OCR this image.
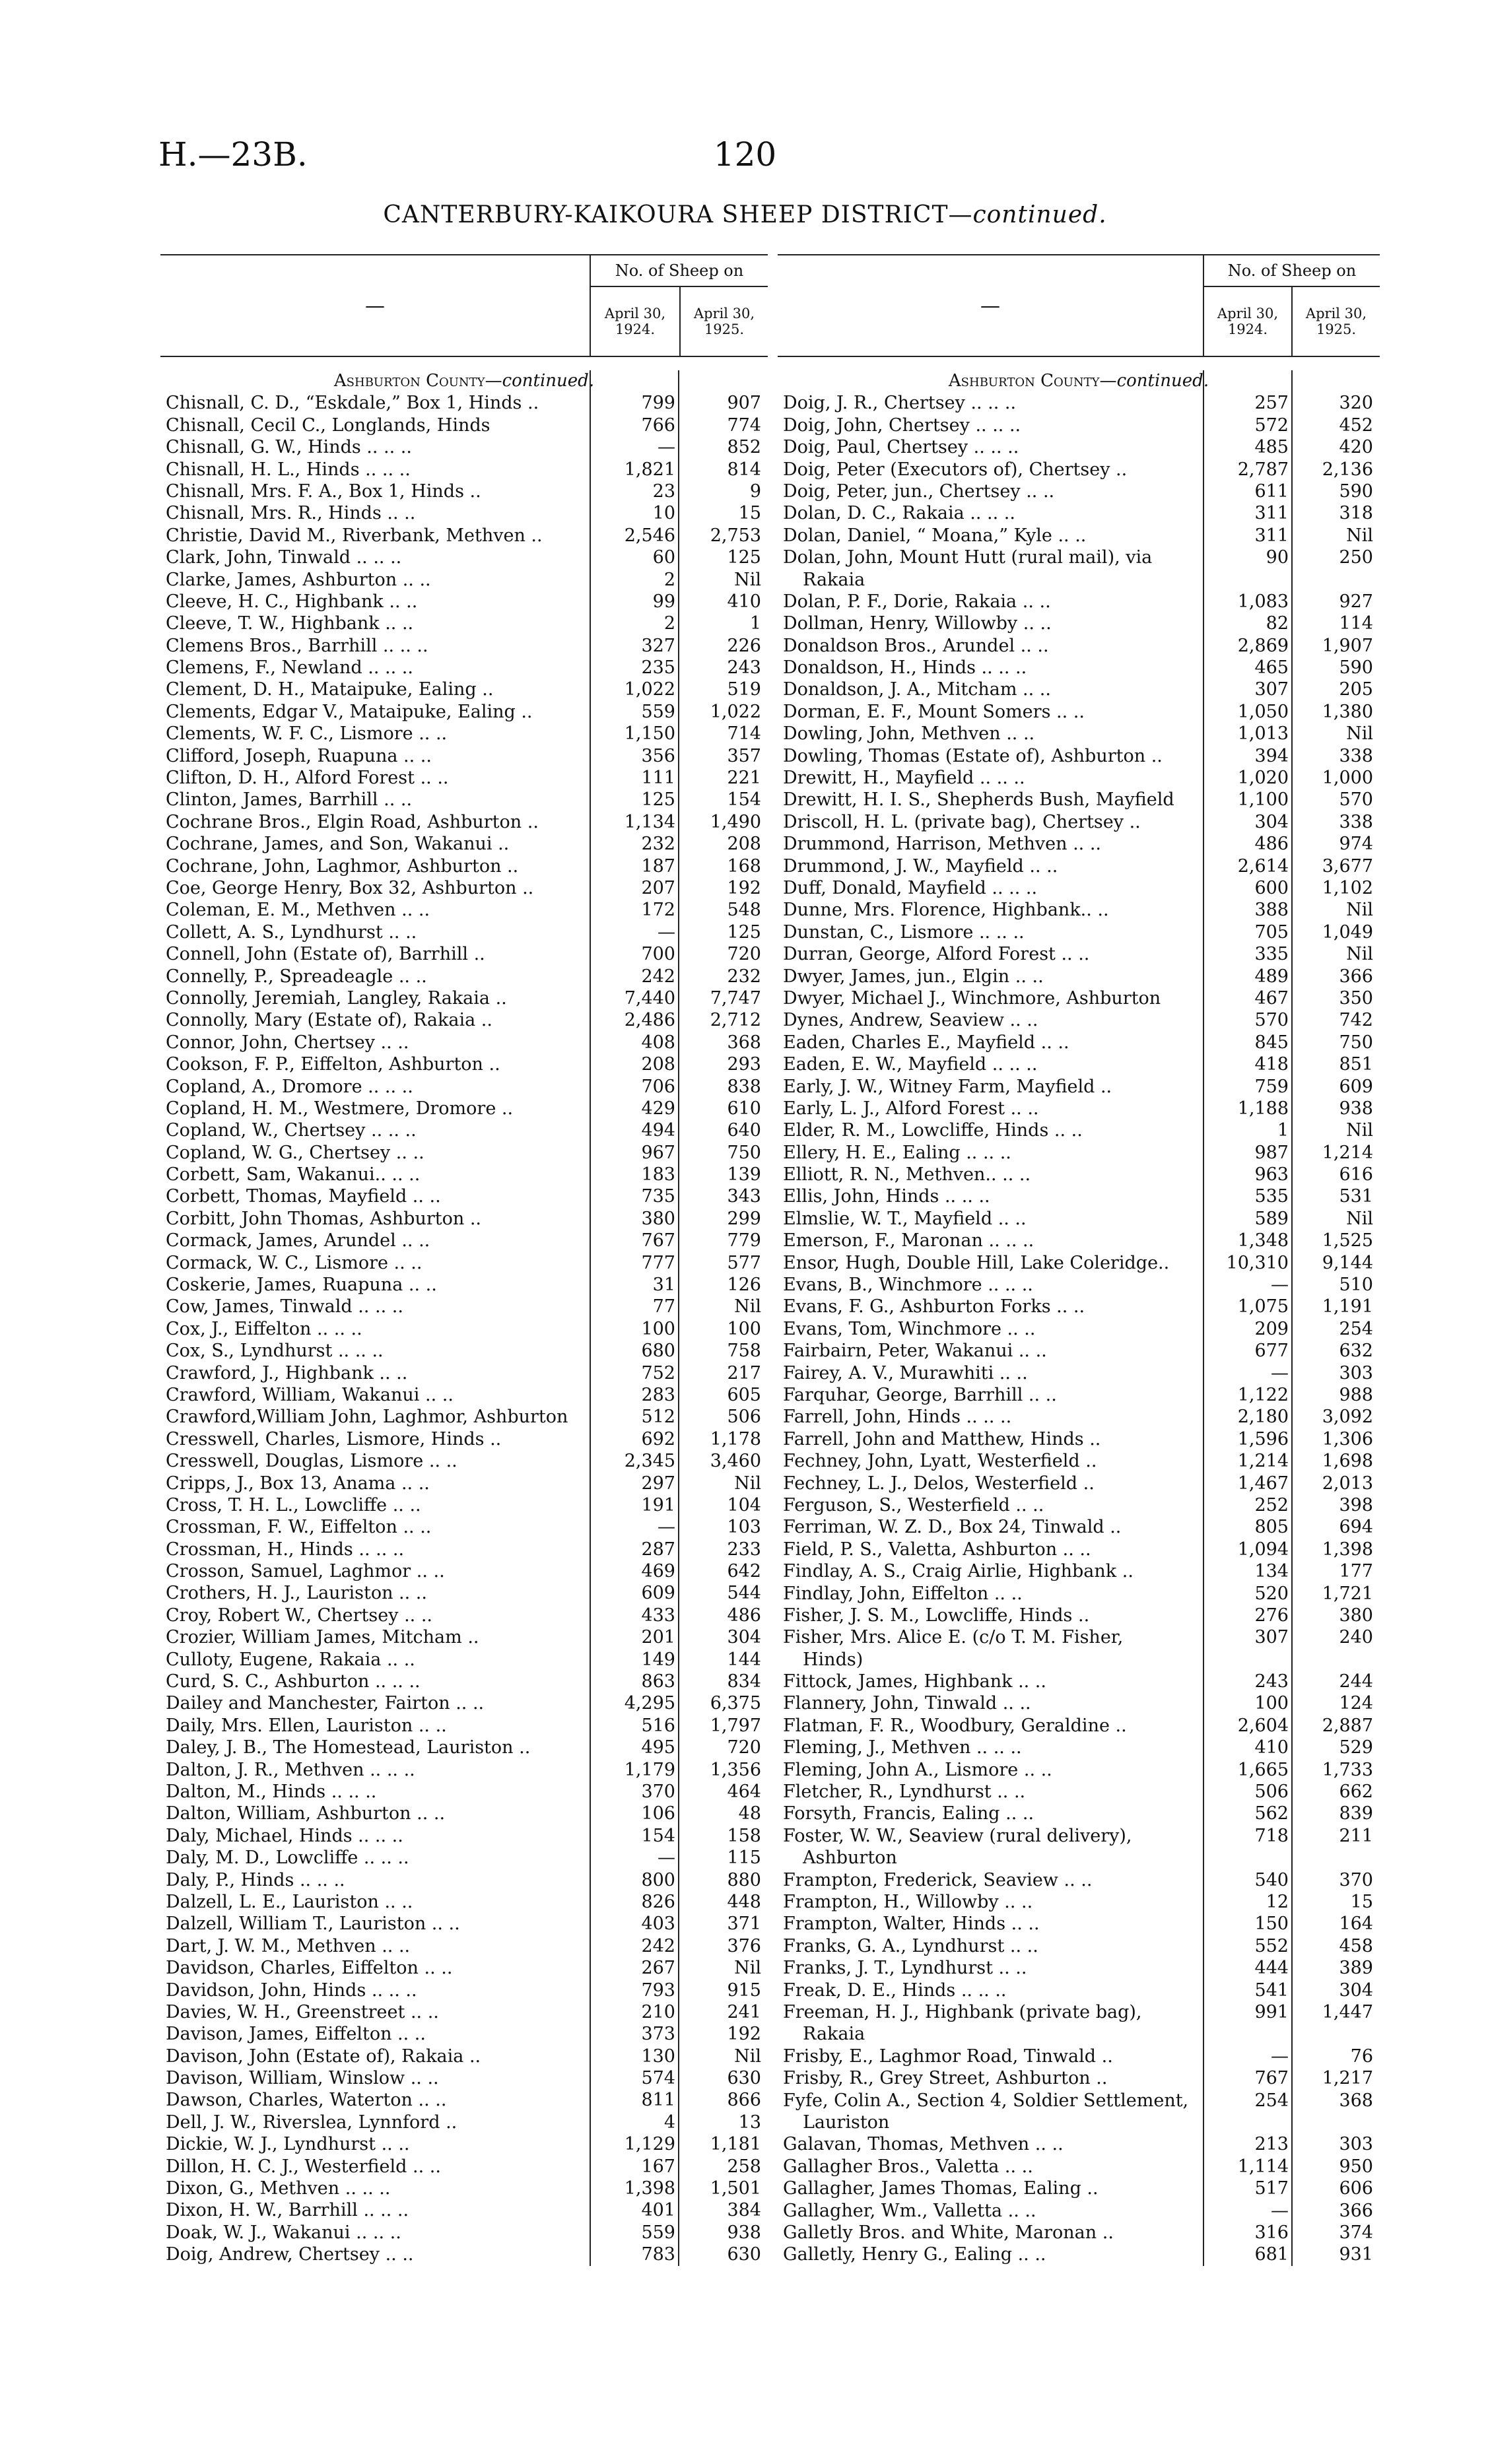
H.—23B.	120
CANTERBURY-KAIKOURA SHEEP DISTRICT—continued.
—
No. of Sheep on
April 30, 1924.
April 30, 1925.
Ashburton County—continued.
Chisnall, C. D., “Eskdale,” Box 1, Hinds ..	799	907
Chisnall, Cecil C., Longlands, Hinds	766	774
Chisnall, G. W., Hinds .. .. ..	—	852
Chisnall, H. L., Hinds .. .. ..	1,821	814
Chisnall, Mrs. F. A., Box 1, Hinds ..	23	9
Chisnall, Mrs. R., Hinds .. ..	10	15
Christie, David M., Riverbank, Methven ..	2,546	2,753
Clark, John, Tinwald .. .. ..	60	125
Clarke, James, Ashburton .. ..	2	Nil
Cleeve, H. C., Highbank .. ..	99	410
Cleeve, T. W., Highbank .. ..	2	1
Clemens Bros., Barrhill .. .. ..	327	226
Clemens, F., Newland .. .. ..	235	243
Clement, D. H., Mataipuke, Ealing ..	1,022	519
Clements, Edgar V., Mataipuke, Ealing ..	559	1,022
Clements, W. F. C., Lismore .. ..	1,150	714
Clifford, Joseph, Ruapuna .. ..	356	357
Clifton, D. H., Alford Forest .. ..	111	221
Clinton, James, Barrhill .. ..	125	154
Cochrane Bros., Elgin Road, Ashburton ..	1,134	1,490
Cochrane, James, and Son, Wakanui ..	232	208
Cochrane, John, Laghmor, Ashburton ..	187	168
Coe, George Henry, Box 32, Ashburton ..	207	192
Coleman, E. M., Methven .. ..	172	548
Collett, A. S., Lyndhurst .. ..	—	125
Connell, John (Estate of), Barrhill ..	700	720
Connelly, P., Spreadeagle .. ..	242	232
Connolly, Jeremiah, Langley, Rakaia ..	7,440	7,747
Connolly, Mary (Estate of), Rakaia ..	2,486	2,712
Connor, John, Chertsey .. ..	408	368
Cookson, F. P., Eiffelton, Ashburton ..	208	293
Copland, A., Dromore .. .. ..	706	838
Copland, H. M., Westmere, Dromore ..	429	610
Copland, W., Chertsey .. .. ..	494	640
Copland, W. G., Chertsey .. ..	967	750
Corbett, Sam, Wakanui.. .. ..	183	139
Corbett, Thomas, Mayfield .. ..	735	343
Corbitt, John Thomas, Ashburton ..	380	299
Cormack, James, Arundel .. ..	767	779
Cormack, W. C., Lismore .. ..	777	577
Coskerie, James, Ruapuna .. ..	31	126
Cow, James, Tinwald .. .. ..	77	Nil
Cox, J., Eiffelton .. .. ..	100	100
Cox, S., Lyndhurst .. .. ..	680	758
Crawford, J., Highbank .. ..	752	217
Crawford, William, Wakanui .. ..	283	605
Crawford,William John, Laghmor, Ashburton	512	506
Cresswell, Charles, Lismore, Hinds ..	692	1,178
Cresswell, Douglas, Lismore .. ..	2,345	3,460
Cripps, J., Box 13, Anama .. ..	297	Nil
Cross, T. H. L., Lowcliffe .. ..	191	104
Crossman, F. W., Eiffelton .. ..	—	103
Crossman, H., Hinds .. .. ..	287	233
Crosson, Samuel, Laghmor .. ..	469	642
Crothers, H. J., Lauriston .. ..	609	544
Croy, Robert W., Chertsey .. ..	433	486
Crozier, William James, Mitcham ..	201	304
Culloty, Eugene, Rakaia .. ..	149	144
Curd, S. C., Ashburton .. .. ..	863	834
Dailey and Manchester, Fairton .. ..	4,295	6,375
Daily, Mrs. Ellen, Lauriston .. ..	516	1,797
Daley, J. B., The Homestead, Lauriston ..	495	720
Dalton, J. R., Methven .. .. ..	1,179	1,356
Dalton, M., Hinds .. .. ..	370	464
Dalton, William, Ashburton .. ..	106	48
Daly, Michael, Hinds .. .. ..	154	158
Daly, M. D., Lowcliffe .. .. ..	—	115
Daly, P., Hinds .. .. ..	800	880
Dalzell, L. E., Lauriston .. ..	826	448
Dalzell, William T., Lauriston .. ..	403	371
Dart, J. W. M., Methven .. ..	242	376
Davidson, Charles, Eiffelton .. ..	267	Nil
Davidson, John, Hinds .. .. ..	793	915
Davies, W. H., Greenstreet .. ..	210	241
Davison, James, Eiffelton .. ..	373	192
Davison, John (Estate of), Rakaia ..	130	Nil
Davison, William, Winslow .. ..	574	630
Dawson, Charles, Waterton .. ..	811	866
Dell, J. W., Riverslea, Lynnford ..	4	13
Dickie, W. J., Lyndhurst .. ..	1,129	1,181
Dillon, H. C. J., Westerfield .. ..	167	258
Dixon, G., Methven .. .. ..	1,398	1,501
Dixon, H. W., Barrhill .. .. ..	401	384
Doak, W. J., Wakanui .. .. ..	559	938
Doig, Andrew, Chertsey .. ..	783	630
—
No. of Sheep on
April 30, 1924.
April 30, 1925.
Ashburton County—continued.
Doig, J. R., Chertsey .. .. ..	257	320
Doig, John, Chertsey .. .. ..	572	452
Doig, Paul, Chertsey .. .. ..	485	420
Doig, Peter (Executors of), Chertsey ..	2,787	2,136
Doig, Peter, jun., Chertsey .. ..	611	590
Dolan, D. C., Rakaia .. .. ..	311	318
Dolan, Daniel, “ Moana,” Kyle .. ..	311	Nil
Dolan, John, Mount Hutt (rural mail), via
Rakaia
90	250
Dolan, P. F., Dorie, Rakaia .. ..	1,083	927
Dollman, Henry, Willowby .. ..	82	114
Donaldson Bros., Arundel .. ..	2,869	1,907
Donaldson, H., Hinds .. .. ..	465	590
Donaldson, J. A., Mitcham .. ..	307	205
Dorman, E. F., Mount Somers .. ..	1,050	1,380
Dowling, John, Methven .. ..	1,013	Nil
Dowling, Thomas (Estate of), Ashburton ..	394	338
Drewitt, H., Mayfield .. .. ..	1,020	1,000
Drewitt, H. I. S., Shepherds Bush, Mayfield	1,100	570
Driscoll, H. L. (private bag), Chertsey ..	304	338
Drummond, Harrison, Methven .. ..	486	974
Drummond, J. W., Mayfield .. ..	2,614	3,677
Duff, Donald, Mayfield .. .. ..	600	1,102
Dunne, Mrs. Florence, Highbank.. ..	388	Nil
Dunstan, C., Lismore .. .. ..	705	1,049
Durran, George, Alford Forest .. ..	335	Nil
Dwyer, James, jun., Elgin .. ..	489	366
Dwyer, Michael J., Winchmore, Ashburton	467	350
Dynes, Andrew, Seaview .. ..	570	742
Eaden, Charles E., Mayfield .. ..	845	750
Eaden, E. W., Mayfield .. .. ..	418	851
Early, J. W., Witney Farm, Mayfield ..	759	609
Early, L. J., Alford Forest .. ..	1,188	938
Elder, R. M., Lowcliffe, Hinds .. ..	1	Nil
Ellery, H. E., Ealing .. .. ..	987	1,214
Elliott, R. N., Methven.. .. ..	963	616
Ellis, John, Hinds .. .. ..	535	531
Elmslie, W. T., Mayfield .. ..	589	Nil
Emerson, F., Maronan .. .. ..	1,348	1,525
Ensor, Hugh, Double Hill, Lake Coleridge..	10,310	9,144
Evans, B., Winchmore .. .. ..	—	510
Evans, F. G., Ashburton Forks .. ..	1,075	1,191
Evans, Tom, Winchmore .. ..	209	254
Fairbairn, Peter, Wakanui .. ..	677	632
Fairey, A. V., Murawhiti .. ..	—	303
Farquhar, George, Barrhill .. ..	1,122	988
Farrell, John, Hinds .. .. ..	2,180	3,092
Farrell, John and Matthew, Hinds ..	1,596	1,306
Fechney, John, Lyatt, Westerfield ..	1,214	1,698
Fechney, L. J., Delos, Westerfield ..	1,467	2,013
Ferguson, S., Westerfield .. ..	252	398
Ferriman, W. Z. D., Box 24, Tinwald ..	805	694
Field, P. S., Valetta, Ashburton .. ..	1,094	1,398
Findlay, A. S., Craig Airlie, Highbank ..	134	177
Findlay, John, Eiffelton .. ..	520	1,721
Fisher, J. S. M., Lowcliffe, Hinds ..	276	380
Fisher, Mrs. Alice E. (c/o T. M. Fisher,
Hinds)
307	240
Fittock, James, Highbank .. ..	243	244
Flannery, John, Tinwald .. ..	100	124
Flatman, F. R., Woodbury, Geraldine ..	2,604	2,887
Fleming, J., Methven .. .. ..	410	529
Fleming, John A., Lismore .. ..	1,665	1,733
Fletcher, R., Lyndhurst .. ..	506	662
Forsyth, Francis, Ealing .. ..	562	839
Foster, W. W., Seaview (rural delivery),
Ashburton
718	211
Frampton, Frederick, Seaview .. ..	540	370
Frampton, H., Willowby .. ..	12	15
Frampton, Walter, Hinds .. ..	150	164
Franks, G. A., Lyndhurst .. ..	552	458
Franks, J. T., Lyndhurst .. ..	444	389
Freak, D. E., Hinds .. .. ..	541	304
Freeman, H. J., Highbank (private bag),
Rakaia
991	1,447
Frisby, E., Laghmor Road, Tinwald ..	—	76
Frisby, R., Grey Street, Ashburton ..	767	1,217
Fyfe, Colin A., Section 4, Soldier Settlement,
Lauriston
254	368
Galavan, Thomas, Methven .. ..	213	303
Gallagher Bros., Valetta .. ..	1,114	950
Gallagher, James Thomas, Ealing ..	517	606
Gallagher, Wm., Valletta .. ..	—	366
Galletly Bros. and White, Maronan ..	316	374
Galletly, Henry G., Ealing .. ..	681	931
